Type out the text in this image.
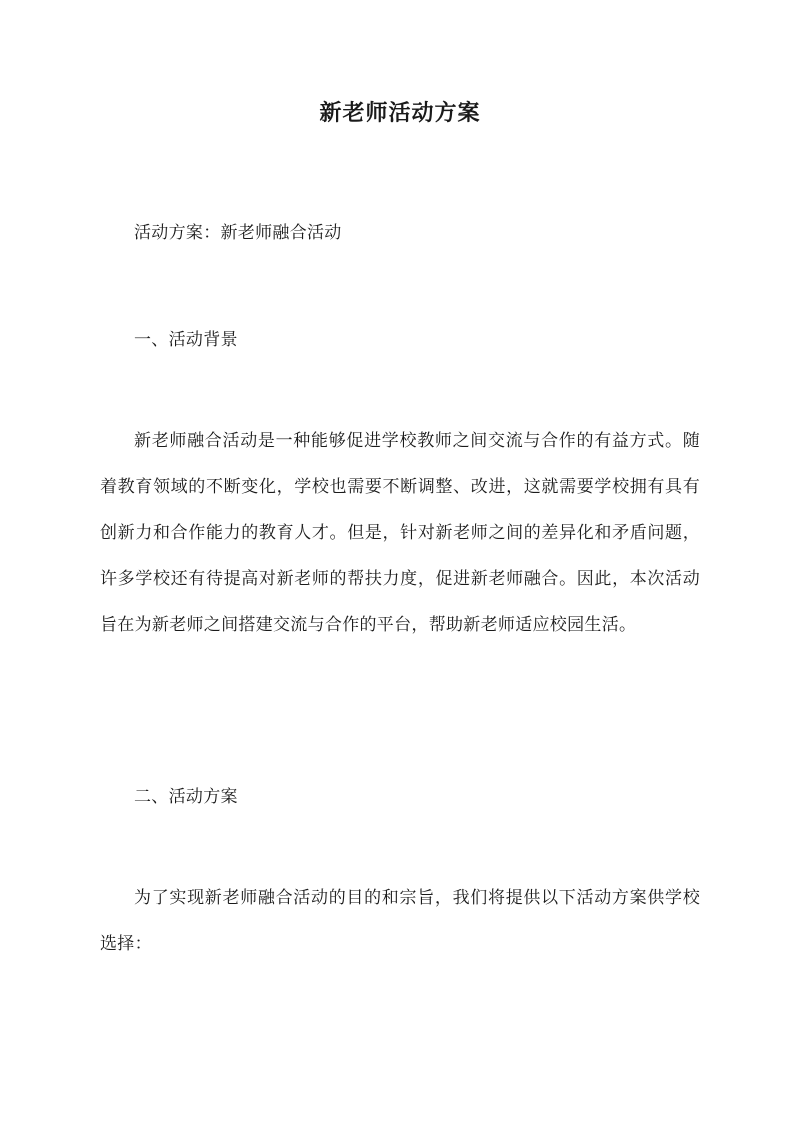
新老师活动方案
活动方案：新老师融合活动
一、活动背景
新老师融合活动是一种能够促进学校教师之间交流与合作的有益方式。随着教育领域的不断变化，学校也需要不断调整、改进，这就需要学校拥有具有创新力和合作能力的教育人才。但是，针对新老师之间的差异化和矛盾问题，许多学校还有待提高对新老师的帮扶力度，促进新老师融合。因此，本次活动旨在为新老师之间搭建交流与合作的平台，帮助新老师适应校园生活。
二、活动方案
为了实现新老师融合活动的目的和宗旨，我们将提供以下活动方案供学校选择：
